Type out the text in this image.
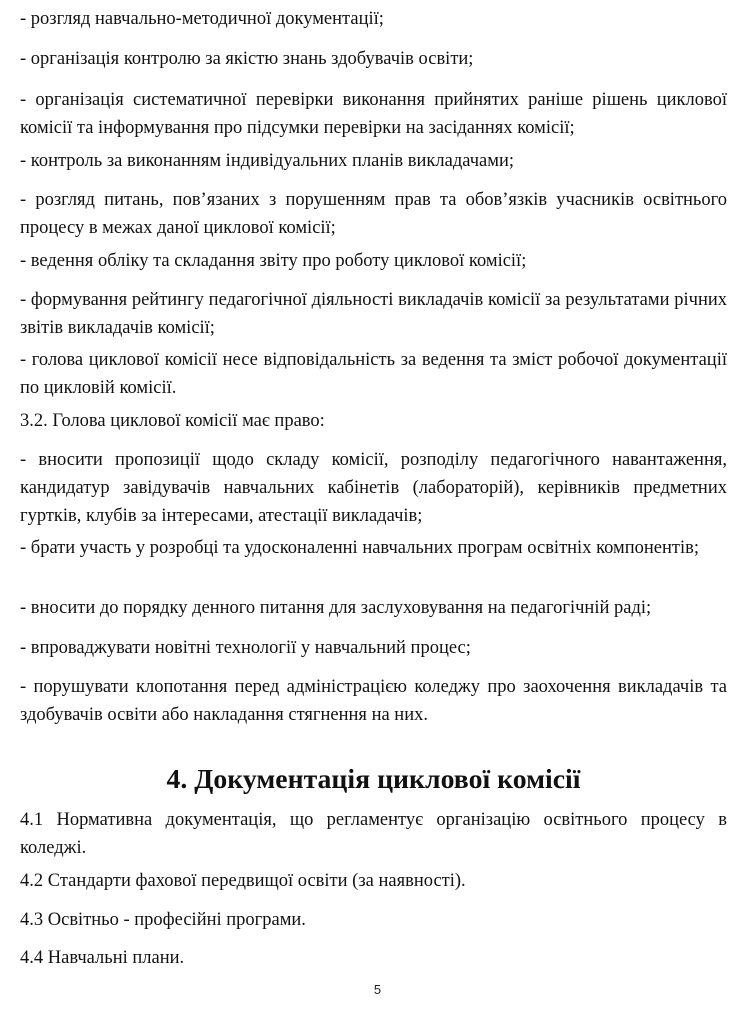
- розгляд навчально-методичної документації;

- організація контролю за якістю знань здобувачів освіти;

- організація систематичної перевірки виконання прийнятих раніше рішень циклової комісії та інформування про підсумки перевірки на засіданнях комісії;

- контроль за виконанням індивідуальних планів викладачами;

- розгляд питань, пов’язаних з порушенням прав та обов’язків учасників освітнього процесу в межах даної циклової комісії;

- ведення обліку та складання звіту про роботу циклової комісії;

- формування рейтингу педагогічної діяльності викладачів комісії за результатами річних звітів викладачів комісії;

- голова циклової комісії несе відповідальність за ведення та зміст робочої документації по цикловій комісії.

3.2. Голова циклової комісії має право:

- вносити пропозиції щодо складу комісії, розподілу педагогічного навантаження, кандидатур завідувачів навчальних кабінетів (лабораторій), керівників предметних гуртків, клубів за інтересами, атестації викладачів;

- брати участь у розробці та удосконаленні навчальних програм освітніх компонентів;

- вносити до порядку денного питання для заслуховування на педагогічній раді;

- впроваджувати новітні технології у навчальний процес;

- порушувати клопотання перед адміністрацією коледжу про заохочення викладачів та здобувачів освіти або накладання стягнення на них.

4. Документація циклової комісії

4.1 Нормативна документація, що регламентує організацію освітнього процесу в коледжі.

4.2 Стандарти фахової передвищої освіти (за наявності).

4.3 Освітньо - професійні програми.

4.4 Навчальні плани.

5
